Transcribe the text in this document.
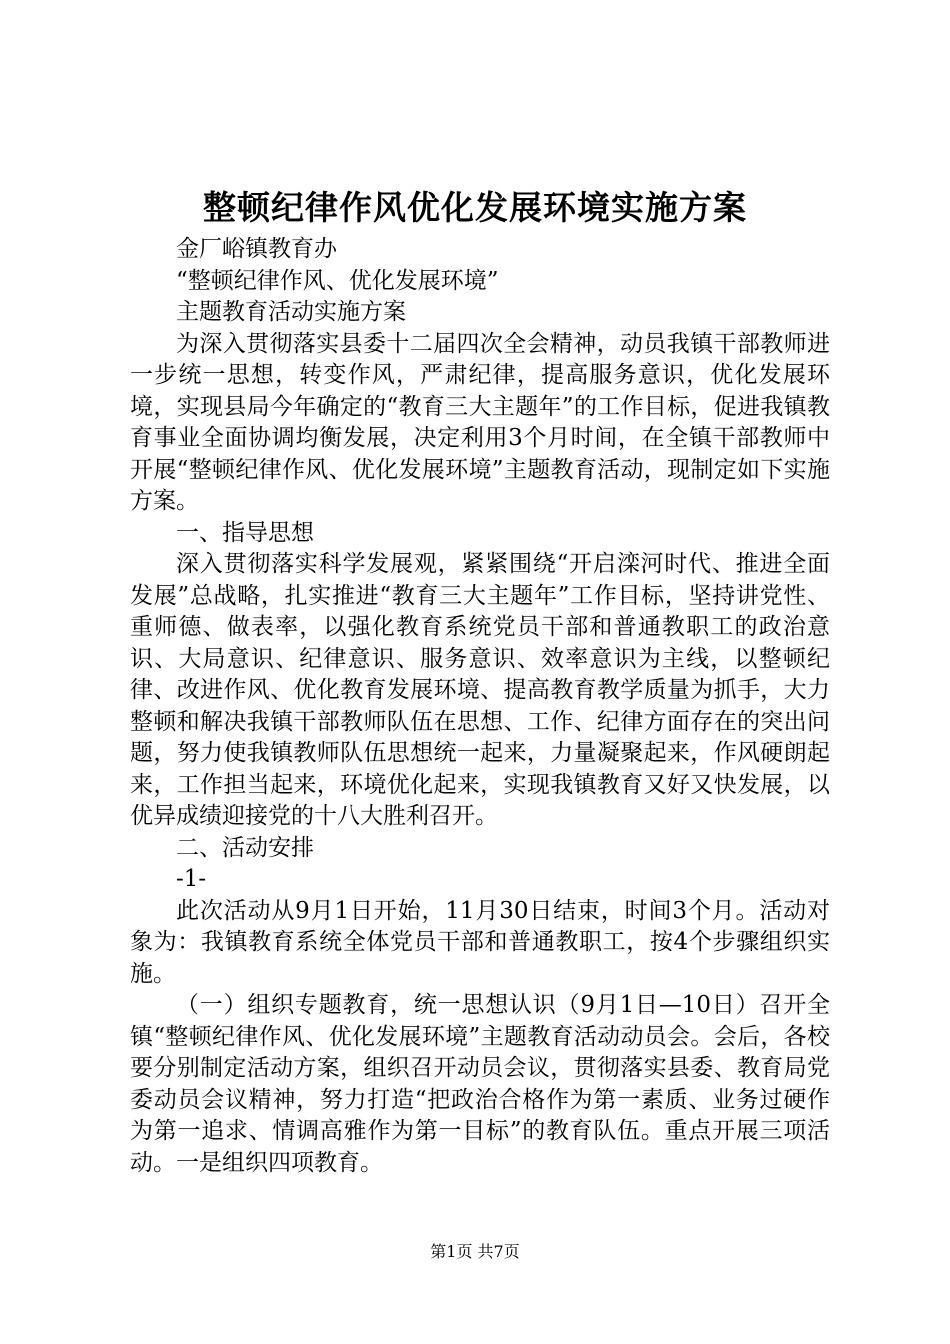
整顿纪律作风优化发展环境实施方案

金厂峪镇教育办

“整顿纪律作风、优化发展环境”

主题教育活动实施方案

为深入贯彻落实县委十二届四次全会精神，动员我镇干部教师进一步统一思想，转变作风，严肃纪律，提高服务意识，优化发展环境，实现县局今年确定的“教育三大主题年”的工作目标，促进我镇教育事业全面协调均衡发展，决定利用3个月时间，在全镇干部教师中开展“整顿纪律作风、优化发展环境”主题教育活动，现制定如下实施方案。

一、指导思想

深入贯彻落实科学发展观，紧紧围绕“开启滦河时代、推进全面发展”总战略，扎实推进“教育三大主题年”工作目标，坚持讲党性、重师德、做表率，以强化教育系统党员干部和普通教职工的政治意识、大局意识、纪律意识、服务意识、效率意识为主线，以整顿纪律、改进作风、优化教育发展环境、提高教育教学质量为抓手，大力整顿和解决我镇干部教师队伍在思想、工作、纪律方面存在的突出问题，努力使我镇教师队伍思想统一起来，力量凝聚起来，作风硬朗起来，工作担当起来，环境优化起来，实现我镇教育又好又快发展，以优异成绩迎接党的十八大胜利召开。

二、活动安排

-1-

此次活动从9月1日开始，11月30日结束，时间3个月。活动对象为：我镇教育系统全体党员干部和普通教职工，按4个步骤组织实施。

（一）组织专题教育，统一思想认识（9月1日—10日）召开全镇“整顿纪律作风、优化发展环境”主题教育活动动员会。会后，各校要分别制定活动方案，组织召开动员会议，贯彻落实县委、教育局党委动员会议精神，努力打造“把政治合格作为第一素质、业务过硬作为第一追求、情调高雅作为第一目标”的教育队伍。重点开展三项活动。一是组织四项教育。

第1页 共7页
